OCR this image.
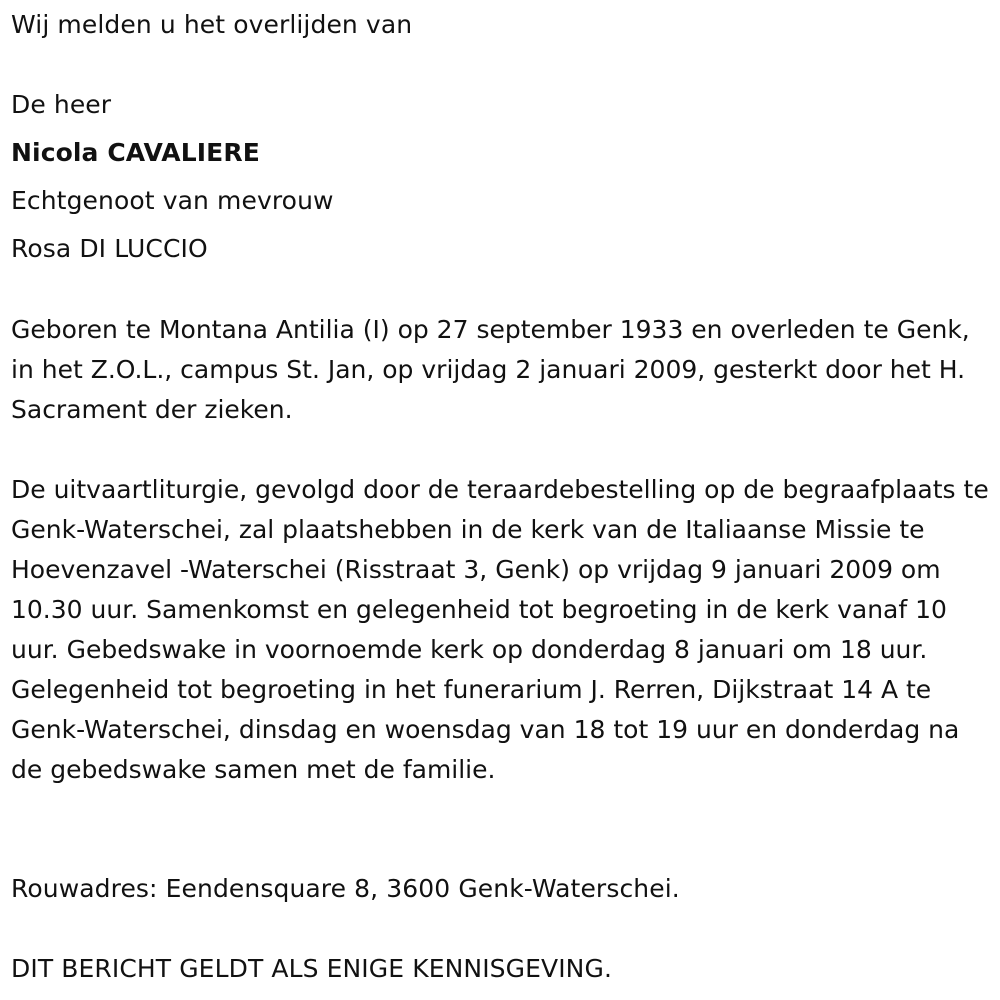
Wij melden u het overlijden van
De heer
Nicola CAVALIERE
Echtgenoot van mevrouw
Rosa DI LUCCIO
Geboren te Montana Antilia (I) op 27 september 1933 en overleden te Genk, in het Z.O.L., campus St. Jan, op vrijdag 2 januari 2009, gesterkt door het H. Sacrament der zieken.
De uitvaartliturgie, gevolgd door de teraardebestelling op de begraafplaats te Genk-Waterschei, zal plaatshebben in de kerk van de Italiaanse Missie te Hoevenzavel -Waterschei (Risstraat 3, Genk) op vrijdag 9 januari 2009 om 10.30 uur. Samenkomst en gelegenheid tot begroeting in de kerk vanaf 10 uur. Gebedswake in voornoemde kerk op donderdag 8 januari om 18 uur. Gelegenheid tot begroeting in het funerarium J. Rerren, Dijkstraat 14 A te Genk-Waterschei, dinsdag en woensdag van 18 tot 19 uur en donderdag na de gebedswake samen met de familie.
Rouwadres: Eendensquare 8, 3600 Genk-Waterschei.
DIT BERICHT GELDT ALS ENIGE KENNISGEVING.
